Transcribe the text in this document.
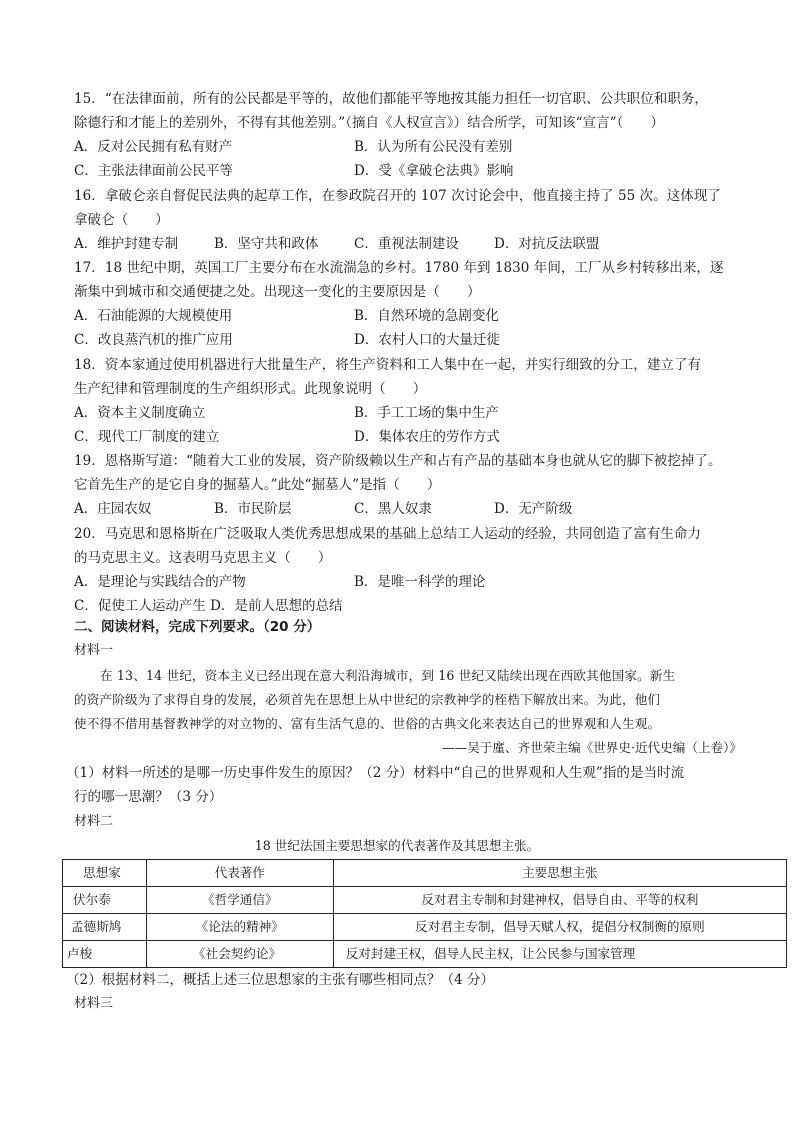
15．“在法律面前，所有的公民都是平等的，故他们都能平等地按其能力担任一切官职、公共职位和职务，
除德行和才能上的差别外，不得有其他差别。”（摘自《人权宣言》）结合所学，可知该“宣言”（　　）
A．反对公民拥有私有财产	B．认为所有公民没有差别
C．主张法律面前公民平等	D．受《拿破仑法典》影响
16．拿破仑亲自督促民法典的起草工作，在参政院召开的 107 次讨论会中，他直接主持了 55 次。这体现了
拿破仑（　　）
A．维护封建专制	B．坚守共和政体	C．重视法制建设	D．对抗反法联盟
17．18 世纪中期，英国工厂主要分布在水流湍急的乡村。1780 年到 1830 年间，工厂从乡村转移出来，逐
渐集中到城市和交通便捷之处。出现这一变化的主要原因是（　　）
A．石油能源的大规模使用	B．自然环境的急剧变化
C．改良蒸汽机的推广应用	D．农村人口的大量迁徙
18．资本家通过使用机器进行大批量生产，将生产资料和工人集中在一起，并实行细致的分工，建立了有
生产纪律和管理制度的生产组织形式。此现象说明（　　）
A．资本主义制度确立	B．手工工场的集中生产
C．现代工厂制度的建立	D．集体农庄的劳作方式
19．恩格斯写道：“随着大工业的发展，资产阶级赖以生产和占有产品的基础本身也就从它的脚下被挖掉了。
它首先生产的是它自身的掘墓人。”此处“掘墓人”是指（　　）
A．庄园农奴	B．市民阶层	C．黑人奴隶	D．无产阶级
20．马克思和恩格斯在广泛吸取人类优秀思想成果的基础上总结工人运动的经验，共同创造了富有生命力
的马克思主义。这表明马克思主义（　　）
A．是理论与实践结合的产物	B．是唯一科学的理论
C．促使工人运动产生 D．是前人思想的总结
二、阅读材料，完成下列要求。（20 分）
材料一
在 13、14 世纪，资本主义已经出现在意大利沿海城市，到 16 世纪又陆续出现在西欧其他国家。新生
的资产阶级为了求得自身的发展，必须首先在思想上从中世纪的宗教神学的桎梏下解放出来。为此，他们
使不得不借用基督教神学的对立物的、富有生活气息的、世俗的古典文化来表达自己的世界观和人生观。
——吴于廑、齐世荣主编《世界史·近代史编（上卷）》
（1）材料一所述的是哪一历史事件发生的原因？（2 分）材料中“自己的世界观和人生观”指的是当时流
行的哪一思潮？（3 分）
材料二
18 世纪法国主要思想家的代表著作及其思想主张。
思想家	代表著作	主要思想主张
伏尔泰	《哲学通信》	反对君主专制和封建神权，倡导自由、平等的权利
孟德斯鸠	《论法的精神》	反对君主专制，倡导天赋人权，提倡分权制衡的原则
卢梭	《社会契约论》	反对封建王权，倡导人民主权，让公民参与国家管理
（2）根据材料二，概括上述三位思想家的主张有哪些相同点？（4 分）
材料三
